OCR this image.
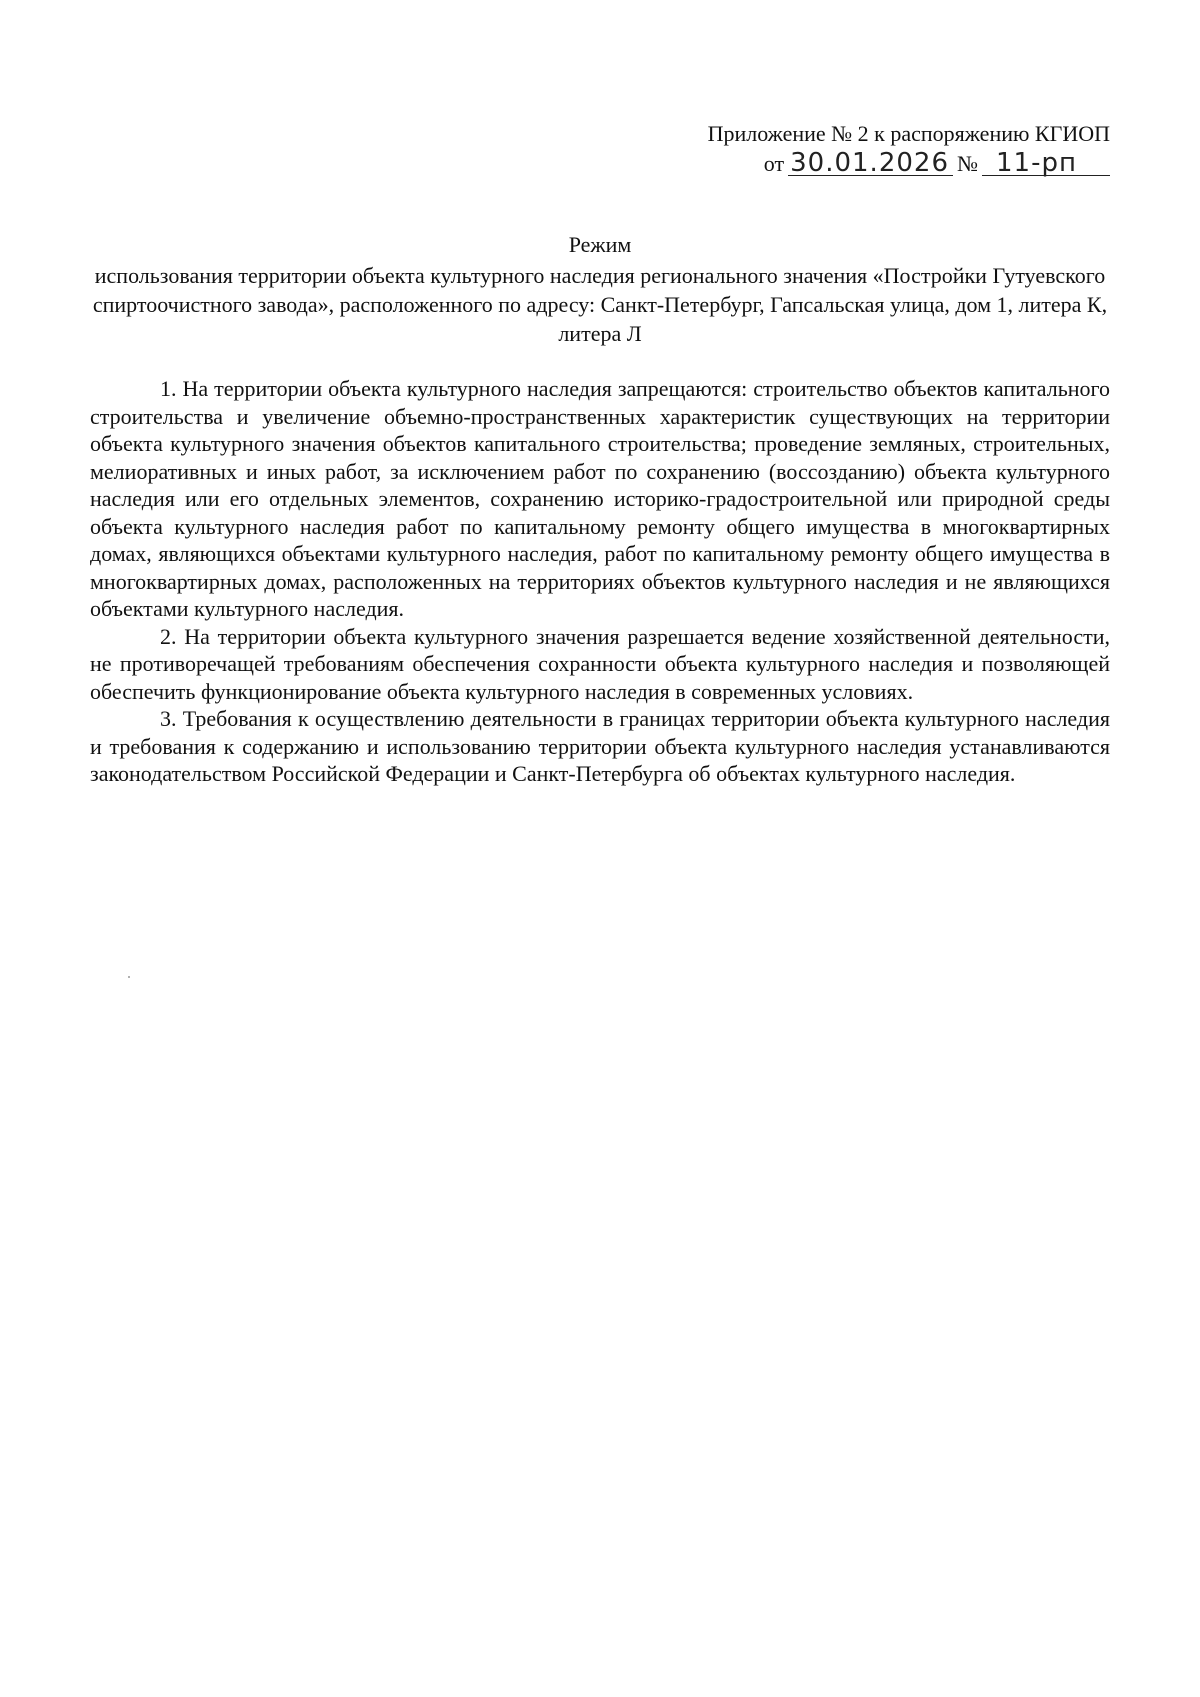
Приложение № 2 к распоряжению КГИОП
от 30.01.2026 № 11-рп
Режим
использования территории объекта культурного наследия регионального значения «Постройки Гутуевского спиртоочистного завода», расположенного по адресу: Санкт-Петербург, Гапсальская улица, дом 1, литера К, литера Л

1. На территории объекта культурного наследия запрещаются: строительство объектов капитального строительства и увеличение объемно-пространственных характеристик существующих на территории объекта культурного значения объектов капитального строительства; проведение земляных, строительных, мелиоративных и иных работ, за исключением работ по сохранению (воссозданию) объекта культурного наследия или его отдельных элементов, сохранению историко-градостроительной или природной среды объекта культурного наследия работ по капитальному ремонту общего имущества в многоквартирных домах, являющихся объектами культурного наследия, работ по капитальному ремонту общего имущества в многоквартирных домах, расположенных на территориях объектов культурного наследия и не являющихся объектами культурного наследия.

2. На территории объекта культурного значения разрешается ведение хозяйственной деятельности, не противоречащей требованиям обеспечения сохранности объекта культурного наследия и позволяющей обеспечить функционирование объекта культурного наследия в современных условиях.

3. Требования к осуществлению деятельности в границах территории объекта культурного наследия и требования к содержанию и использованию территории объекта культурного наследия устанавливаются законодательством Российской Федерации и Санкт-Петербурга об объектах культурного наследия.
